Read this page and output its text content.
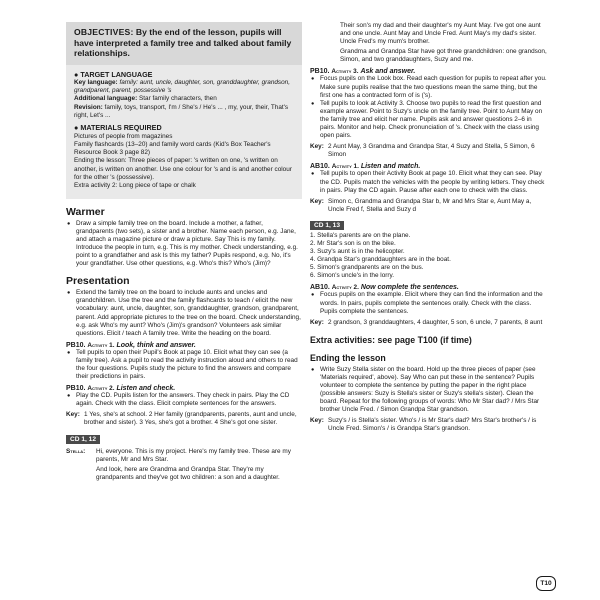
OBJECTIVES: By the end of the lesson, pupils will have interpreted a family tree and talked about family relationships.
● TARGET LANGUAGE
Key language: family: aunt, uncle, daughter, son, granddaughter, grandson, grandparent, parent, possessive 's
Additional language: Star family characters, then
Revision: family, toys, transport, I'm / She's / He's ... , my, your, their, That's right, Let's ...
● MATERIALS REQUIRED
Pictures of people from magazines
Family flashcards (13–20) and family word cards (Kid's Box Teacher's Resource Book 3 page 82)
Ending the lesson: Three pieces of paper: 's written on one, 's written on another, is written on another. Use one colour for 's and is and another colour for the other 's (possessive).
Extra activity 2: Long piece of tape or chalk
Warmer
● Draw a simple family tree on the board. Include a mother, a father, grandparents (two sets), a sister and a brother. Name each person, e.g. Jane, and attach a magazine picture or draw a picture. Say This is my family. Introduce the people in turn, e.g. This is my mother. Check understanding, e.g. point to a grandfather and ask Is this my father? Pupils respond, e.g. No, it's your grandfather. Use other questions, e.g. Who's this? Who's (Jim)?
Presentation
● Extend the family tree on the board to include aunts and uncles and grandchildren. Use the tree and the family flashcards to teach / elicit the new vocabulary: aunt, uncle, daughter, son, granddaughter, grandson, grandparent, parent. Add appropriate pictures to the tree on the board. Check understanding, e.g. ask Who's my aunt? Who's (Jim)'s grandson? Volunteers ask similar questions. Elicit / teach A family tree. Write the heading on the board.
PB10. Activity 1. Look, think and answer.
● Tell pupils to open their Pupil's Book at page 10. Elicit what they can see (a family tree). Ask a pupil to read the activity instruction aloud and others to read the four questions. Pupils study the picture to find the answers and compare their predictions in pairs.
PB10. Activity 2. Listen and check.
● Play the CD. Pupils listen for the answers. They check in pairs. Play the CD again. Check with the class. Elicit complete sentences for the answers.
Key: 1 Yes, she's at school. 2 Her family (grandparents, parents, aunt and uncle, brother and sister). 3 Yes, she's got a brother. 4 She's got one sister.
CD 1, 12
Stella: Hi, everyone. This is my project. Here's my family tree. These are my parents, Mr and Mrs Star.

And look, here are Grandma and Grandpa Star. They're my grandparents and they've got two children: a son and a daughter.

Their son's my dad and their daughter's my Aunt May. I've got one aunt and one uncle. Aunt May and Uncle Fred. Aunt May's my dad's sister. Uncle Fred's my mum's brother.

Grandma and Grandpa Star have got three grandchildren: one grandson, Simon, and two granddaughters, Suzy and me.

PB10. Activity 3. Ask and answer.
● Focus pupils on the Look box. Read each question for pupils to repeat after you. Make sure pupils realise that the two questions mean the same thing, but the first one has a contracted form of is ('s).
● Tell pupils to look at Activity 3. Choose two pupils to read the first question and example answer. Point to Suzy's uncle on the family tree. Point to Aunt May on the family tree and elicit her name. Pupils ask and answer questions 2–6 in pairs. Monitor and help. Check pronunciation of 's. Check with the class using open pairs.
Key: 2 Aunt May, 3 Grandma and Grandpa Star, 4 Suzy and Stella, 5 Simon, 6 Simon
AB10. Activity 1. Listen and match.
● Tell pupils to open their Activity Book at page 10. Elicit what they can see. Play the CD. Pupils match the vehicles with the people by writing letters. They check in pairs. Play the CD again. Pause after each one to check with the class.
Key: Simon c, Grandma and Grandpa Star b, Mr and Mrs Star e, Aunt May a, Uncle Fred f, Stella and Suzy d
CD 1, 13
1. Stella's parents are on the plane.
2. Mr Star's son is on the bike.
3. Suzy's aunt is in the helicopter.
4. Grandpa Star's granddaughters are in the boat.
5. Simon's grandparents are on the bus.
6. Simon's uncle's in the lorry.
AB10. Activity 2. Now complete the sentences.
● Focus pupils on the example. Elicit where they can find the information and the words. In pairs, pupils complete the sentences orally. Check with the class. Pupils complete the sentences.
Key: 2 grandson, 3 granddaughters, 4 daughter, 5 son, 6 uncle, 7 parents, 8 aunt
Extra activities: see page T100 (if time)
Ending the lesson
● Write Suzy Stella sister on the board. Hold up the three pieces of paper (see 'Materials required', above). Say Who can put these in the sentence? Pupils volunteer to complete the sentence by putting the paper in the right place (possible answers: Suzy is Stella's sister or Suzy's stella's sister). Clean the board. Repeat for the following groups of words: Who Mr Star dad? / Mrs Star brother Uncle Fred. / Simon Grandpa Star grandson.
Key: Suzy's / is Stella's sister. Who's / is Mr Star's dad? Mrs Star's brother's / is Uncle Fred. Simon's / is Grandpa Star's grandson.
T10
